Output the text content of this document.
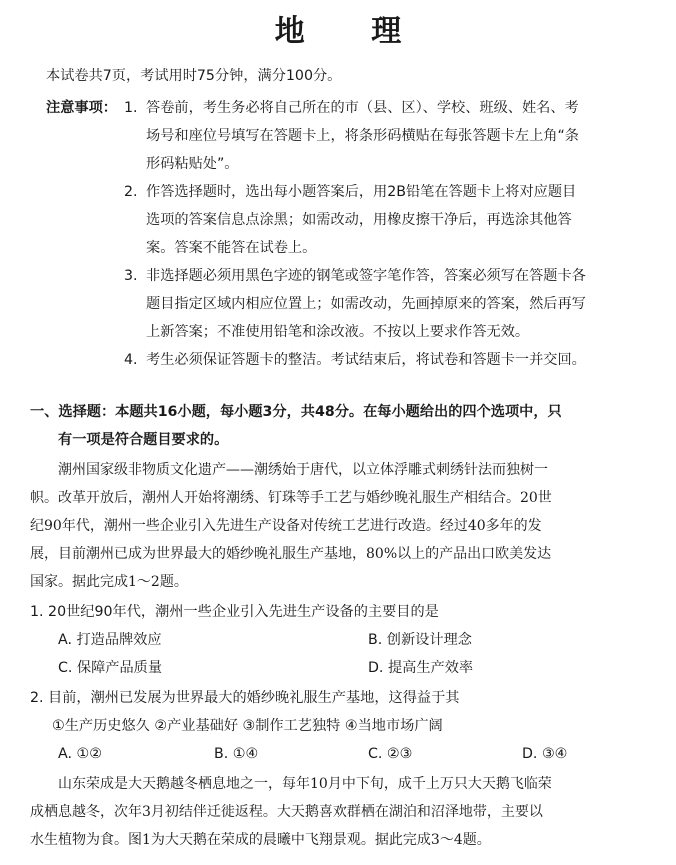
地 理
本试卷共7页，考试用时75分钟，满分100分。
注意事项： 1. 答卷前，考生务必将自己所在的市（县、区）、学校、班级、姓名、考
场号和座位号填写在答题卡上，将条形码横贴在每张答题卡左上角“条
形码粘贴处”。
2. 作答选择题时，选出每小题答案后，用2B铅笔在答题卡上将对应题目
选项的答案信息点涂黑；如需改动，用橡皮擦干净后，再选涂其他答
案。答案不能答在试卷上。
3. 非选择题必须用黑色字迹的钢笔或签字笔作答，答案必须写在答题卡各
题目指定区域内相应位置上；如需改动，先画掉原来的答案，然后再写
上新答案；不准使用铅笔和涂改液。不按以上要求作答无效。
4. 考生必须保证答题卡的整洁。考试结束后，将试卷和答题卡一并交回。
一、选择题：本题共16小题，每小题3分，共48分。在每小题给出的四个选项中，只
有一项是符合题目要求的。
潮州国家级非物质文化遗产——潮绣始于唐代，以立体浮雕式刺绣针法而独树一
帜。改革开放后，潮州人开始将潮绣、钉珠等手工艺与婚纱晚礼服生产相结合。20世
纪90年代，潮州一些企业引入先进生产设备对传统工艺进行改造。经过40多年的发
展，目前潮州已成为世界最大的婚纱晚礼服生产基地，80%以上的产品出口欧美发达
国家。据此完成1～2题。
1. 20世纪90年代，潮州一些企业引入先进生产设备的主要目的是
A. 打造品牌效应	B. 创新设计理念
C. 保障产品质量	D. 提高生产效率
2. 目前，潮州已发展为世界最大的婚纱晚礼服生产基地，这得益于其
①生产历史悠久 ②产业基础好 ③制作工艺独特 ④当地市场广阔
A. ①②	B. ①④	C. ②③	D. ③④
山东荣成是大天鹅越冬栖息地之一，每年10月中下旬，成千上万只大天鹅飞临荣
成栖息越冬，次年3月初结伴迁徙返程。大天鹅喜欢群栖在湖泊和沼泽地带，主要以
水生植物为食。图1为大天鹅在荣成的晨曦中飞翔景观。据此完成3～4题。
